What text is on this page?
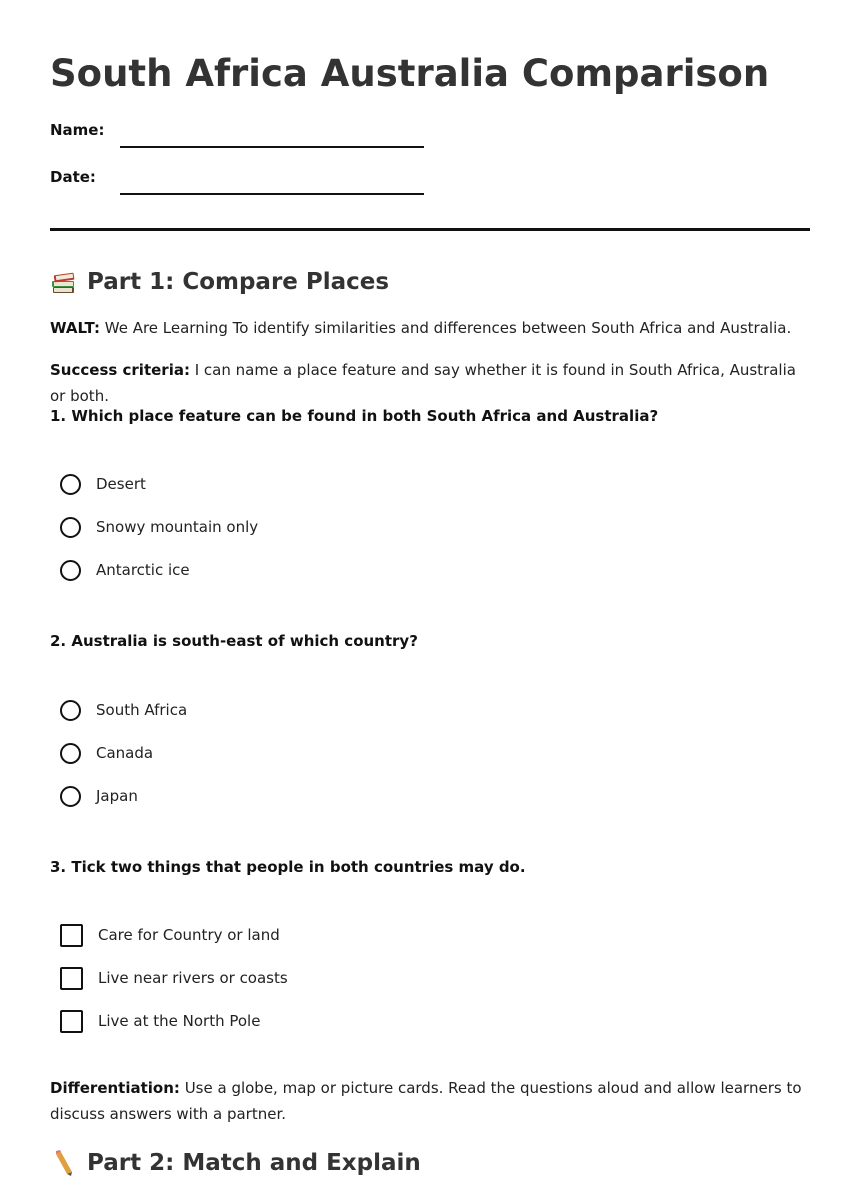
South Africa Australia Comparison
Name:
Date:
Part 1: Compare Places
WALT: We Are Learning To identify similarities and differences between South Africa and Australia.
Success criteria: I can name a place feature and say whether it is found in South Africa, Australia or both.
1. Which place feature can be found in both South Africa and Australia?
Desert
Snowy mountain only
Antarctic ice
2. Australia is south-east of which country?
South Africa
Canada
Japan
3. Tick two things that people in both countries may do.
Care for Country or land
Live near rivers or coasts
Live at the North Pole
Differentiation: Use a globe, map or picture cards. Read the questions aloud and allow learners to discuss answers with a partner.
Part 2: Match and Explain
